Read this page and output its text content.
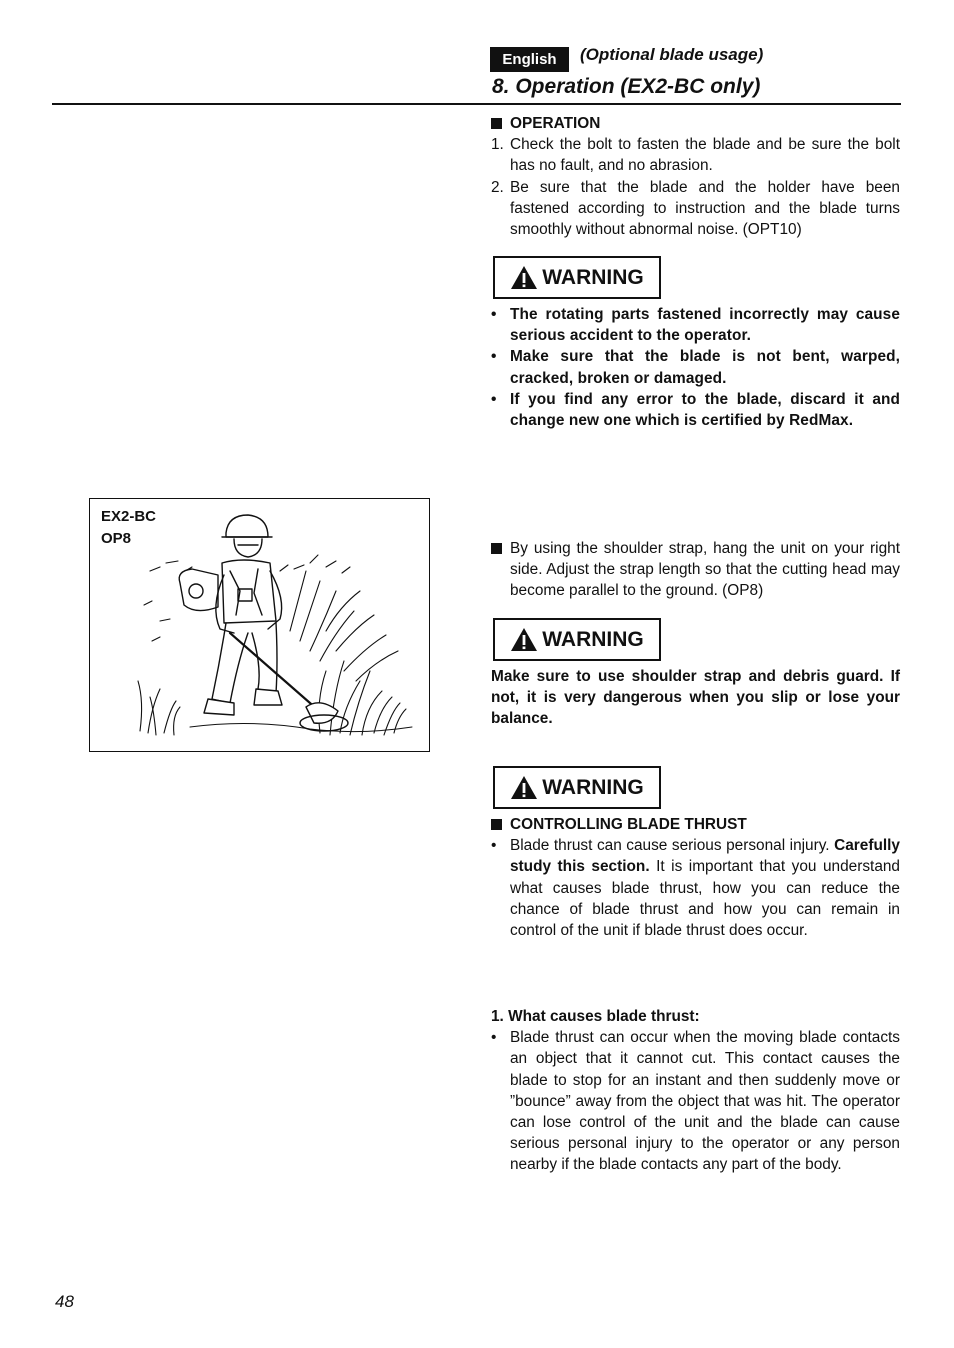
English	(Optional blade usage)
8. Operation (EX2-BC only)
OPERATION
1. Check the bolt to fasten the blade and be sure the bolt has no fault, and no abrasion.
2. Be sure that the blade and the holder have been fastened according to instruction and the blade turns smoothly without abnormal noise. (OPT10)
WARNING
• The rotating parts fastened incorrectly may cause serious accident to the operator.
• Make sure that the blade is not bent, warped, cracked, broken or damaged.
• If you find any error to the blade, discard it and change new one which is certified by RedMax.
EX2-BC
OP8
By using the shoulder strap, hang the unit on your right side. Adjust the strap length so that the cutting head may become parallel to the ground. (OP8)
WARNING
Make sure to use shoulder strap and debris guard. If not, it is very dangerous when you slip or lose your balance.
WARNING
CONTROLLING BLADE THRUST
• Blade thrust can cause serious personal injury. Carefully study this section. It is important that you understand what causes blade thrust, how you can reduce the chance of blade thrust and how you can remain in control of the unit if blade thrust does occur.
1. What causes blade thrust:
• Blade thrust can occur when the moving blade contacts an object that it cannot cut. This contact causes the blade to stop for an instant and then suddenly move or ”bounce” away from the object that was hit. The operator can lose control of the unit and the blade can cause serious personal injury to the operator or any person nearby if the blade contacts any part of the body.
48
